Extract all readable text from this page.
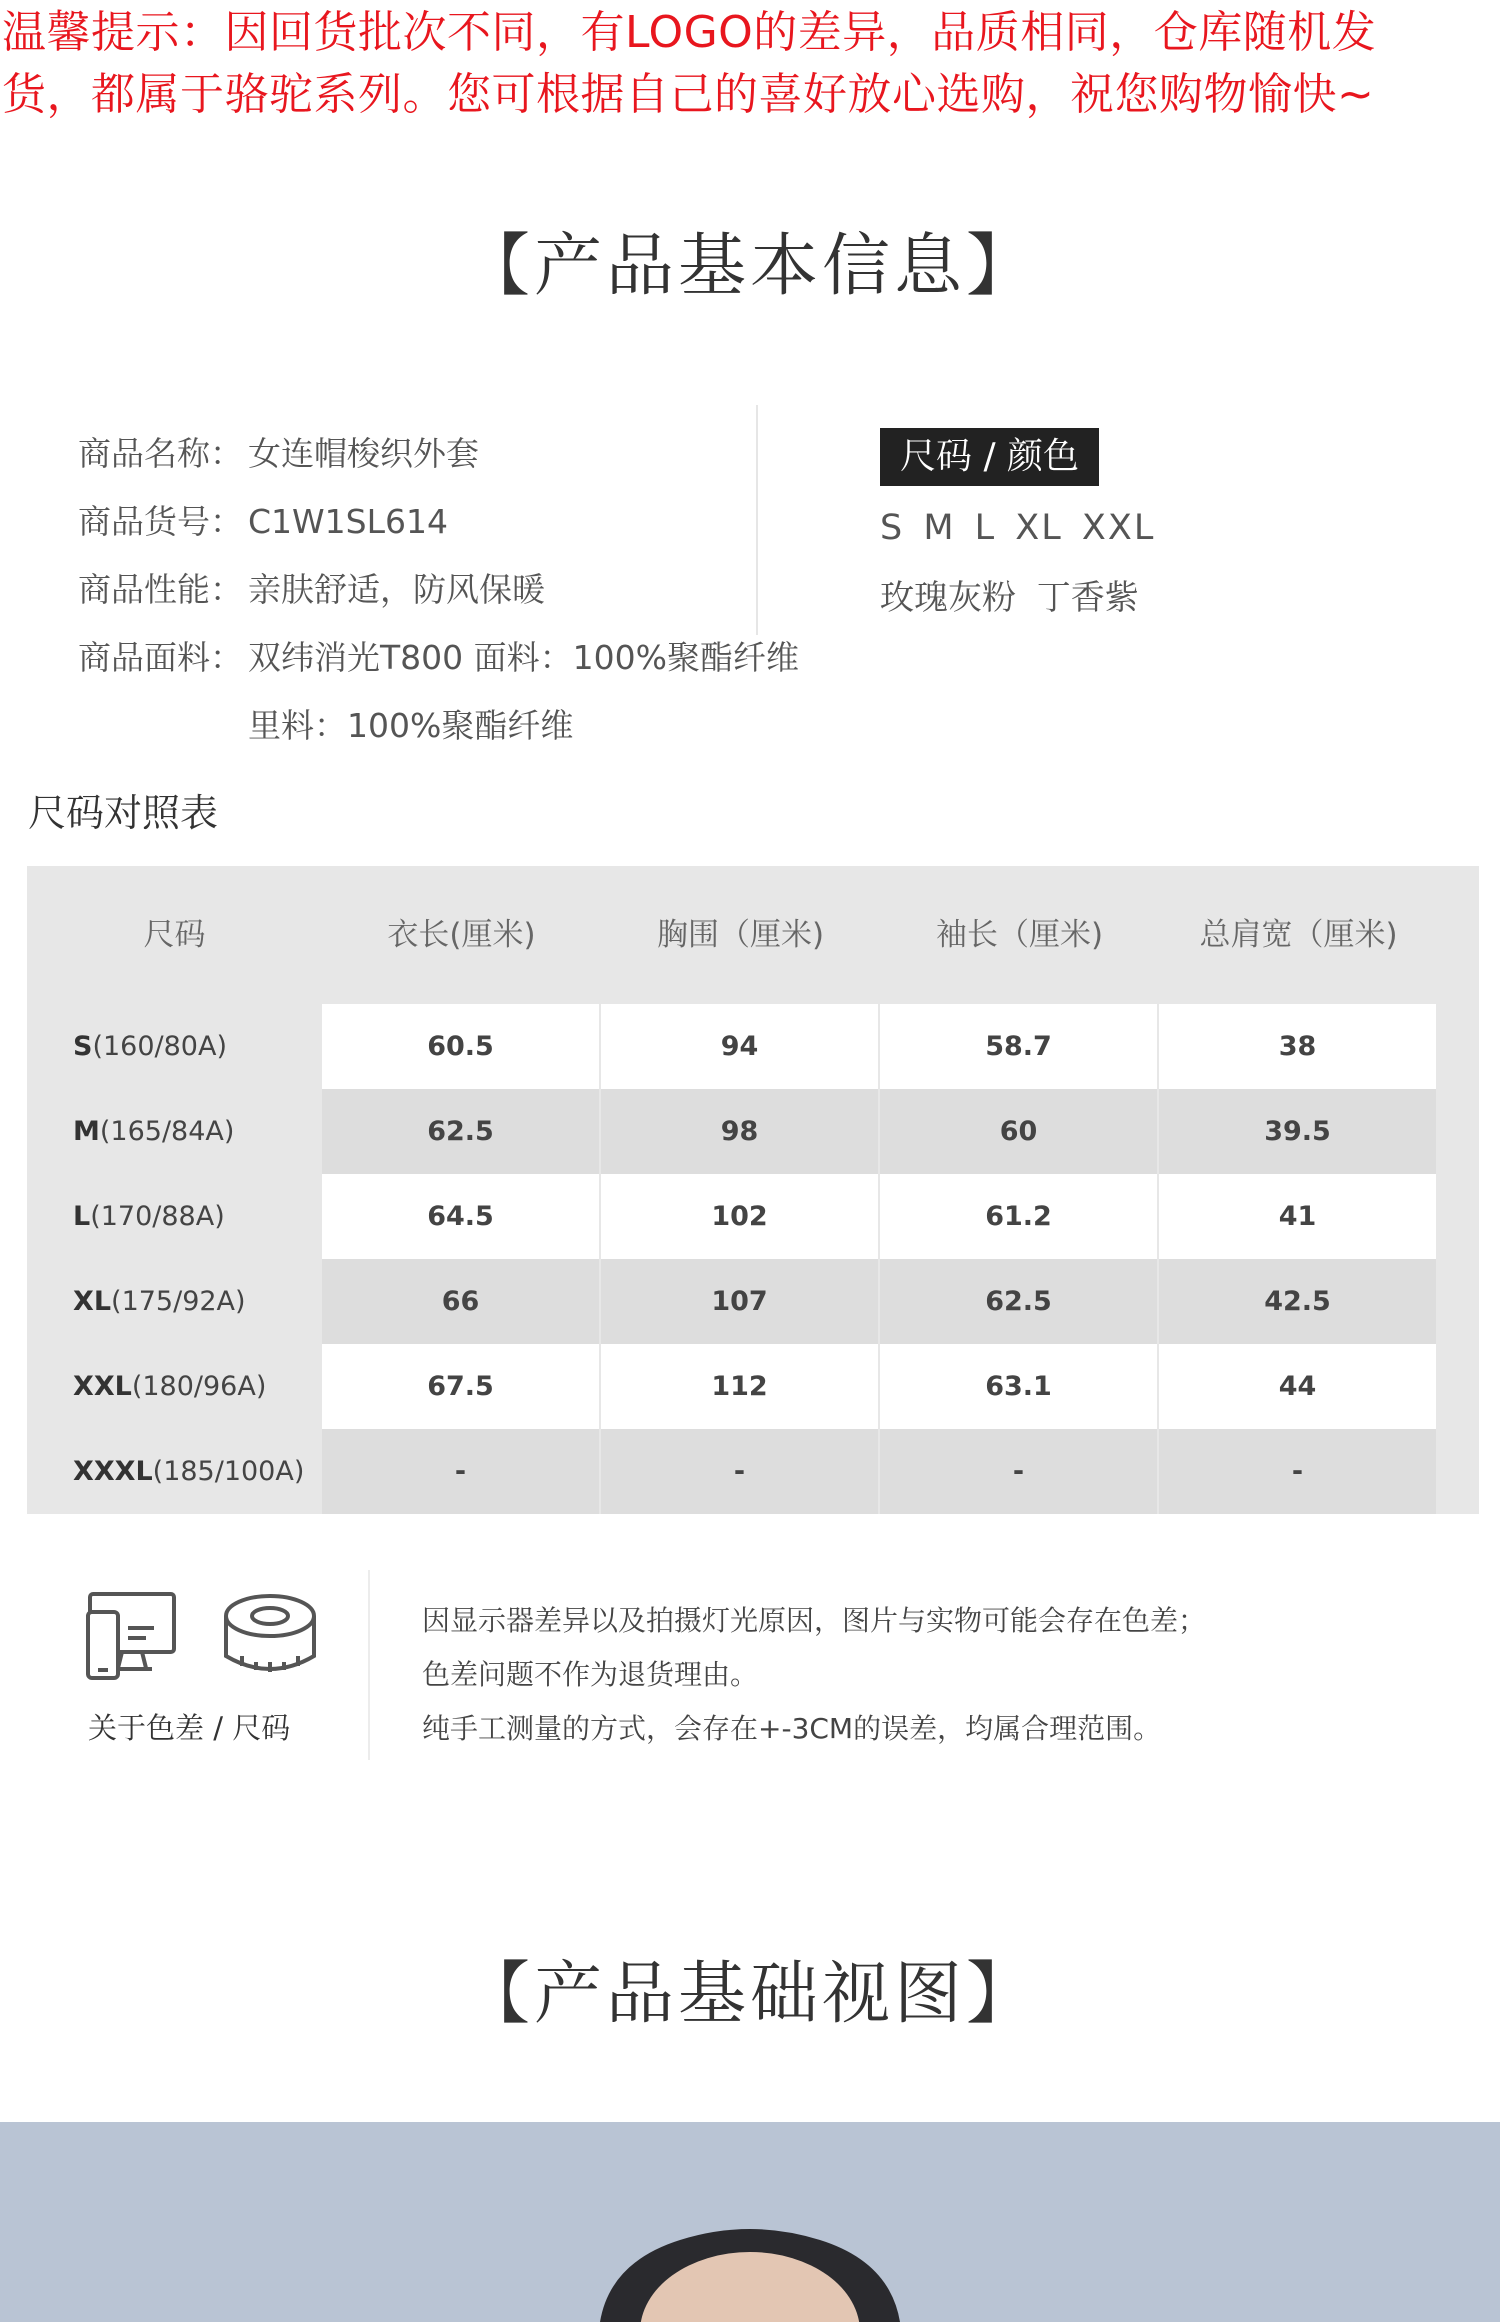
温馨提示：因回货批次不同，有LOGO的差异，品质相同，仓库随机发
货，都属于骆驼系列。您可根据自己的喜好放心选购，祝您购物愉快~
【产品基本信息】
商品名称： 女连帽梭织外套
商品货号： C1W1SL614
商品性能： 亲肤舒适，防风保暖
商品面料： 双纬消光T800 面料：100%聚酯纤维
里料：100%聚酯纤维
尺码 / 颜色
S M L XL XXL
玫瑰灰粉 丁香紫
尺码对照表
尺码	衣长(厘米)	胸围（厘米)	袖长（厘米)	总肩宽（厘米)
S(160/80A)	60.5	94	58.7	38
M(165/84A)	62.5	98	60	39.5
L(170/88A)	64.5	102	61.2	41
XL(175/92A)	66	107	62.5	42.5
XXL(180/96A)	67.5	112	63.1	44
XXXL(185/100A)	-	-	-	-
关于色差 / 尺码
因显示器差异以及拍摄灯光原因，图片与实物可能会存在色差；
色差问题不作为退货理由。
纯手工测量的方式，会存在+-3CM的误差，均属合理范围。
【产品基础视图】
